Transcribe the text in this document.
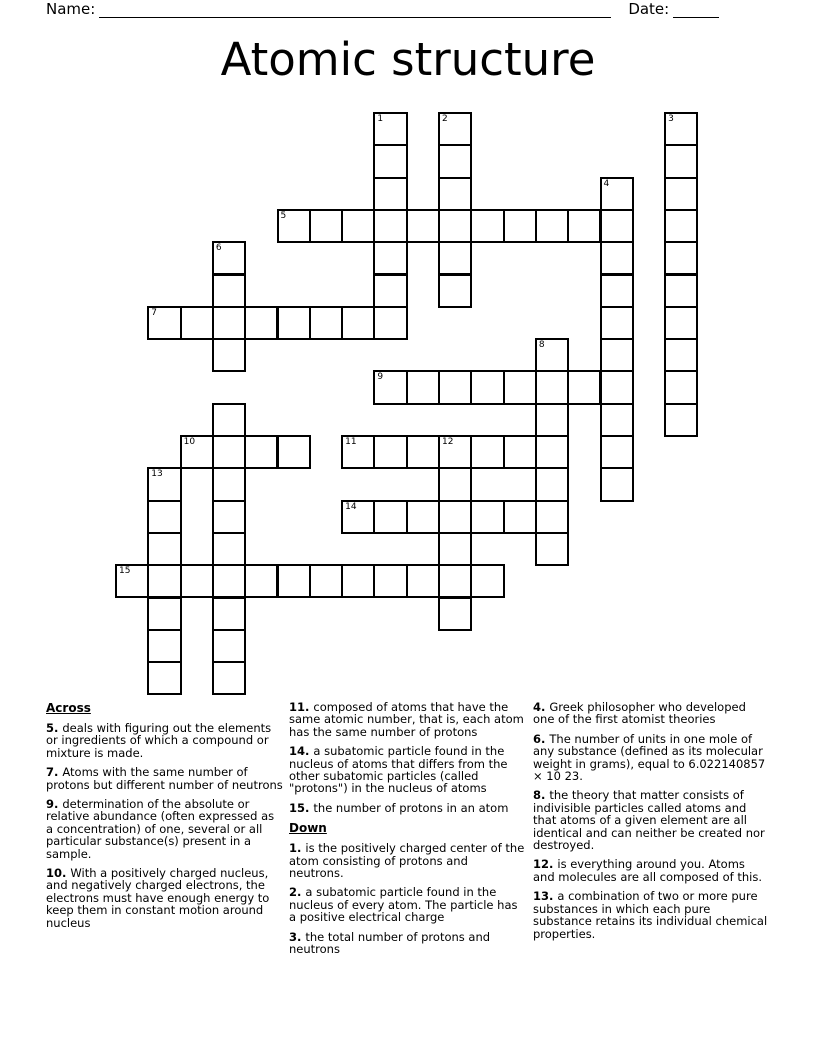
Name:	Date:
Atomic structure
1	2	3
4
5
6
7
8
9
10	11	12
13
14
15
Across

5. deals with figuring out the elements or ingredients of which a compound or mixture is made.

7. Atoms with the same number of protons but different number of neutrons

9. determination of the absolute or relative abundance (often expressed as a concentration) of one, several or all particular substance(s) present in a sample.

10. With a positively charged nucleus, and negatively charged electrons, the electrons must have enough energy to keep them in constant motion around nucleus

11. composed of atoms that have the same atomic number, that is, each atom has the same number of protons

14. a subatomic particle found in the nucleus of atoms that differs from the other subatomic particles (called "protons") in the nucleus of atoms

15. the number of protons in an atom

Down

1. is the positively charged center of the atom consisting of protons and neutrons.

2. a subatomic particle found in the nucleus of every atom. The particle has a positive electrical charge

3. the total number of protons and neutrons

4. Greek philosopher who developed one of the first atomist theories

6. The number of units in one mole of any substance (defined as its molecular weight in grams), equal to 6.022140857 × 10 23.

8. the theory that matter consists of indivisible particles called atoms and that atoms of a given element are all identical and can neither be created nor destroyed.

12. is everything around you. Atoms and molecules are all composed of this.

13. a combination of two or more pure substances in which each pure substance retains its individual chemical properties.
